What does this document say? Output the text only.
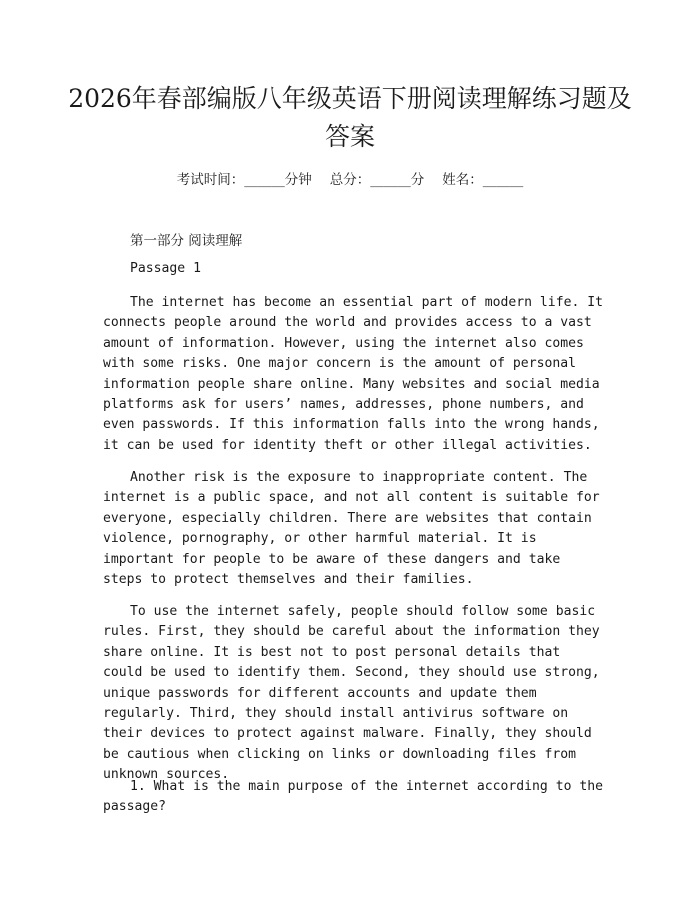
2026年春部编版八年级英语下册阅读理解练习题及答案
考试时间：______分钟 总分：______分 姓名：______
第一部分 阅读理解
Passage 1

The internet has become an essential part of modern life. It connects people around the world and provides access to a vast amount of information. However, using the internet also comes with some risks. One major concern is the amount of personal information people share online. Many websites and social media platforms ask for users’ names, addresses, phone numbers, and even passwords. If this information falls into the wrong hands, it can be used for identity theft or other illegal activities.

Another risk is the exposure to inappropriate content. The internet is a public space, and not all content is suitable for everyone, especially children. There are websites that contain violence, pornography, or other harmful material. It is important for people to be aware of these dangers and take steps to protect themselves and their families.

To use the internet safely, people should follow some basic rules. First, they should be careful about the information they share online. It is best not to post personal details that could be used to identify them. Second, they should use strong, unique passwords for different accounts and update them regularly. Third, they should install antivirus software on their devices to protect against malware. Finally, they should be cautious when clicking on links or downloading files from unknown sources.

1. What is the main purpose of the internet according to the passage?
